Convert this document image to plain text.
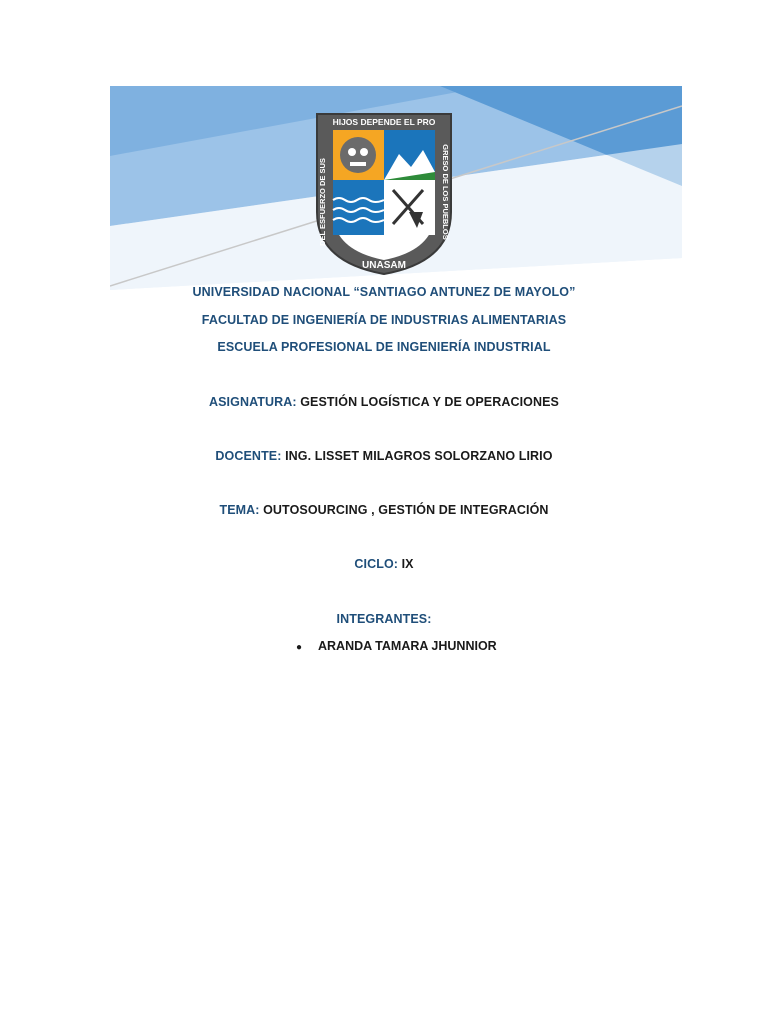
HIJOS DEPENDE EL PRO
DEL ESFUERZO DE SUS	GRESO DE LOS PUEBLOS
UNASAM
UNIVERSIDAD NACIONAL “SANTIAGO ANTUNEZ DE MAYOLO”
FACULTAD DE INGENIERÍA DE INDUSTRIAS ALIMENTARIAS
ESCUELA PROFESIONAL DE INGENIERÍA INDUSTRIAL
ASIGNATURA: GESTIÓN LOGÍSTICA Y DE OPERACIONES
DOCENTE: ING. LISSET MILAGROS SOLORZANO LIRIO
TEMA: OUTOSOURCING , GESTIÓN DE INTEGRACIÓN
CICLO: IX
INTEGRANTES:
● ARANDA TAMARA JHUNNIOR
